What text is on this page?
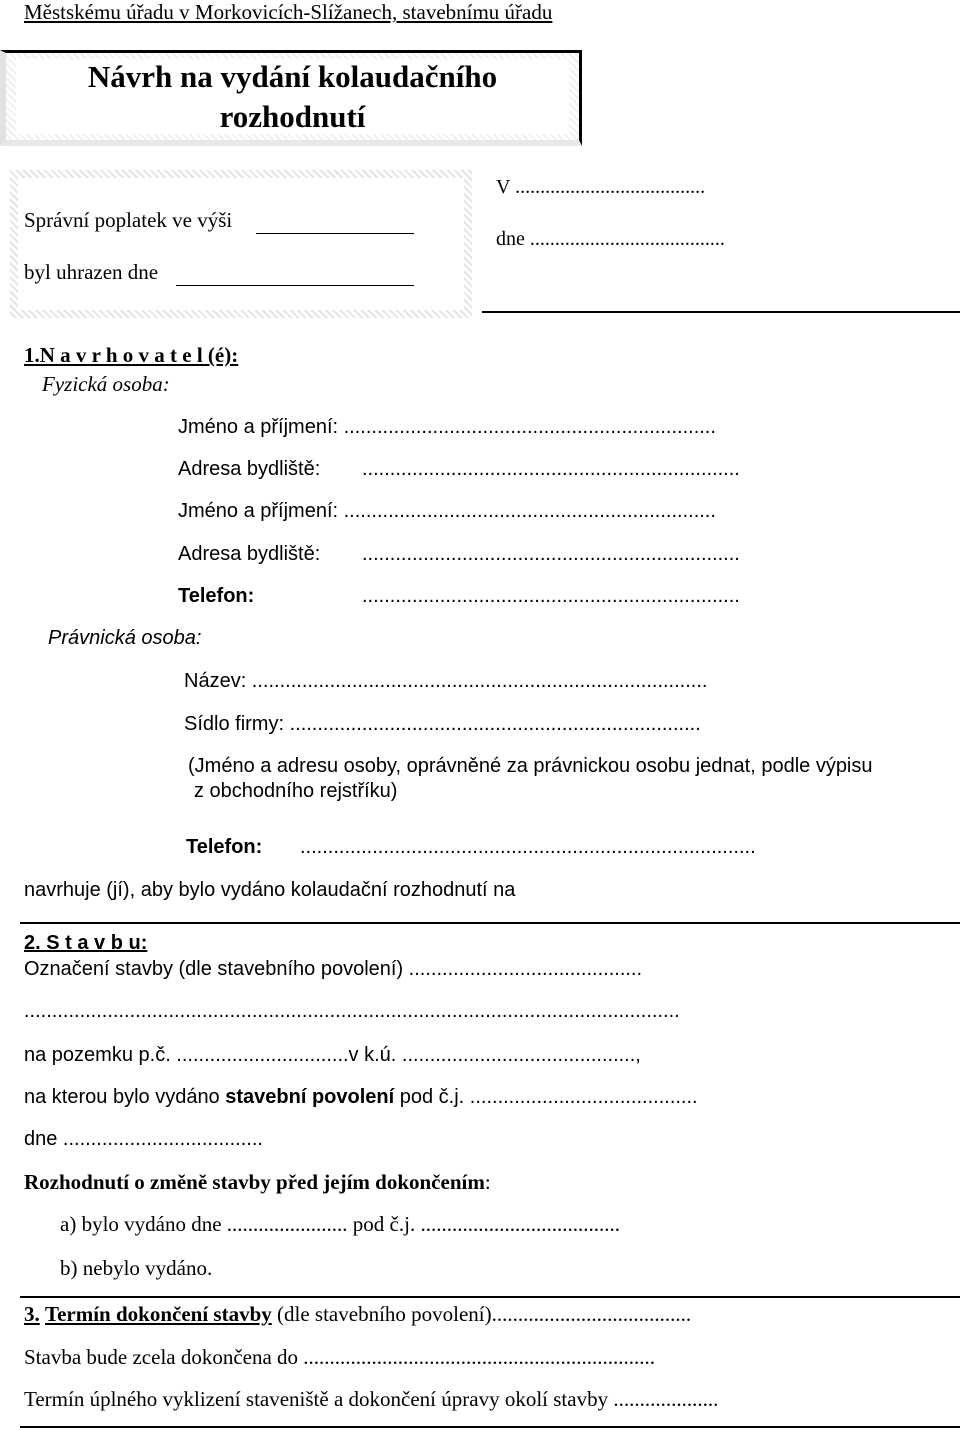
Městskému úřadu v Morkovicích-Slížanech, stavebnímu úřadu
Návrh na vydání kolaudačního rozhodnutí
Správní poplatek ve výši
byl uhrazen dne
V ......................................
dne .......................................
1.N a v r h o v a t e l (é):
Fyzická osoba:
Jméno a příjmení: ...................................................................
Adresa bydliště: ....................................................................
Jméno a příjmení: ...................................................................
Adresa bydliště: ....................................................................
Telefon:	....................................................................
Právnická osoba:
Název: ..................................................................................
Sídlo firmy: ..........................................................................
(Jméno a adresu osoby, oprávněné za právnickou osobu jednat, podle výpisu
z obchodního rejstříku)
Telefon: ..................................................................................
navrhuje (jí), aby bylo vydáno kolaudační rozhodnutí na
2. S t a v b u:
Označení stavby (dle stavebního povolení) ..........................................
......................................................................................................................
na pozemku p.č. ...............................v k.ú. ..........................................,
na kterou bylo vydáno stavební povolení pod č.j. .........................................
dne ....................................
Rozhodnutí o změně stavby před jejím dokončením:
a) bylo vydáno dne ....................... pod č.j. ......................................
b) nebylo vydáno.
3. Termín dokončení stavby (dle stavebního povolení)......................................
Stavba bude zcela dokončena do ...................................................................
Termín úplného vyklizení staveniště a dokončení úpravy okolí stavby ....................
